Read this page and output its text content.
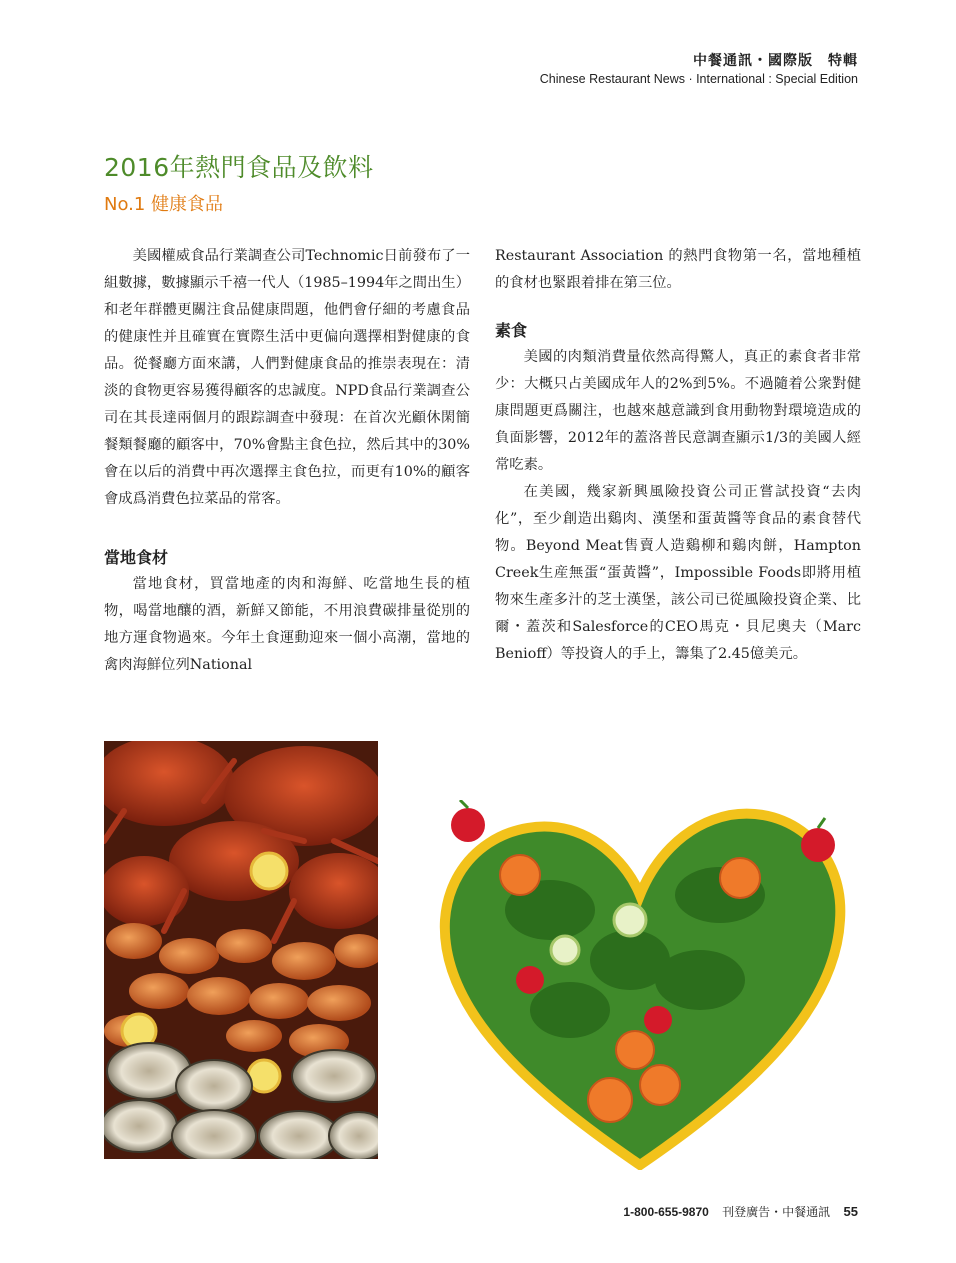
中餐通訊・國際版　特輯
Chinese Restaurant News · International : Special Edition
2016年熱門食品及飲料
No.1 健康食品

美國權威食品行業調查公司Technomic日前發布了一組數據，數據顯示千禧一代人（1985–1994年之間出生）和老年群體更關注食品健康問題，他們會仔細的考慮食品的健康性并且確實在實際生活中更偏向選擇相對健康的食品。從餐廳方面來講，人們對健康食品的推崇表現在：清淡的食物更容易獲得顧客的忠誠度。NPD食品行業調查公司在其長達兩個月的跟踪調查中發現：在首次光顧休閑簡餐類餐廳的顧客中，70%會點主食色拉，然后其中的30%會在以后的消費中再次選擇主食色拉，而更有10%的顧客會成爲消費色拉菜品的常客。

當地食材

當地食材，買當地產的肉和海鮮、吃當地生長的植物，喝當地釀的酒，新鮮又節能，不用浪費碳排量從別的地方運食物過來。今年土食運動迎來一個小高潮，當地的禽肉海鮮位列National

Restaurant Association 的熱門食物第一名，當地種植的食材也緊跟着排在第三位。

素食

美國的肉類消費量依然高得驚人，真正的素食者非常少：大概只占美國成年人的2%到5%。不過隨着公衆對健康問題更爲關注，也越來越意識到食用動物對環境造成的負面影響，2012年的蓋洛普民意調查顯示1/3的美國人經常吃素。

在美國，幾家新興風險投資公司正嘗試投資“去肉化”，至少創造出鷄肉、漢堡和蛋黃醬等食品的素食替代物。Beyond Meat售賣人造鷄柳和鷄肉餅，Hampton Creek生産無蛋“蛋黃醬”，Impossible Foods即將用植物來生產多汁的芝士漢堡，該公司已從風險投資企業、比爾・蓋茨和Salesforce的CEO馬克・貝尼奧夫（Marc Benioff）等投資人的手上，籌集了2.45億美元。

1-800-655-9870 刊登廣告・中餐通訊 55
